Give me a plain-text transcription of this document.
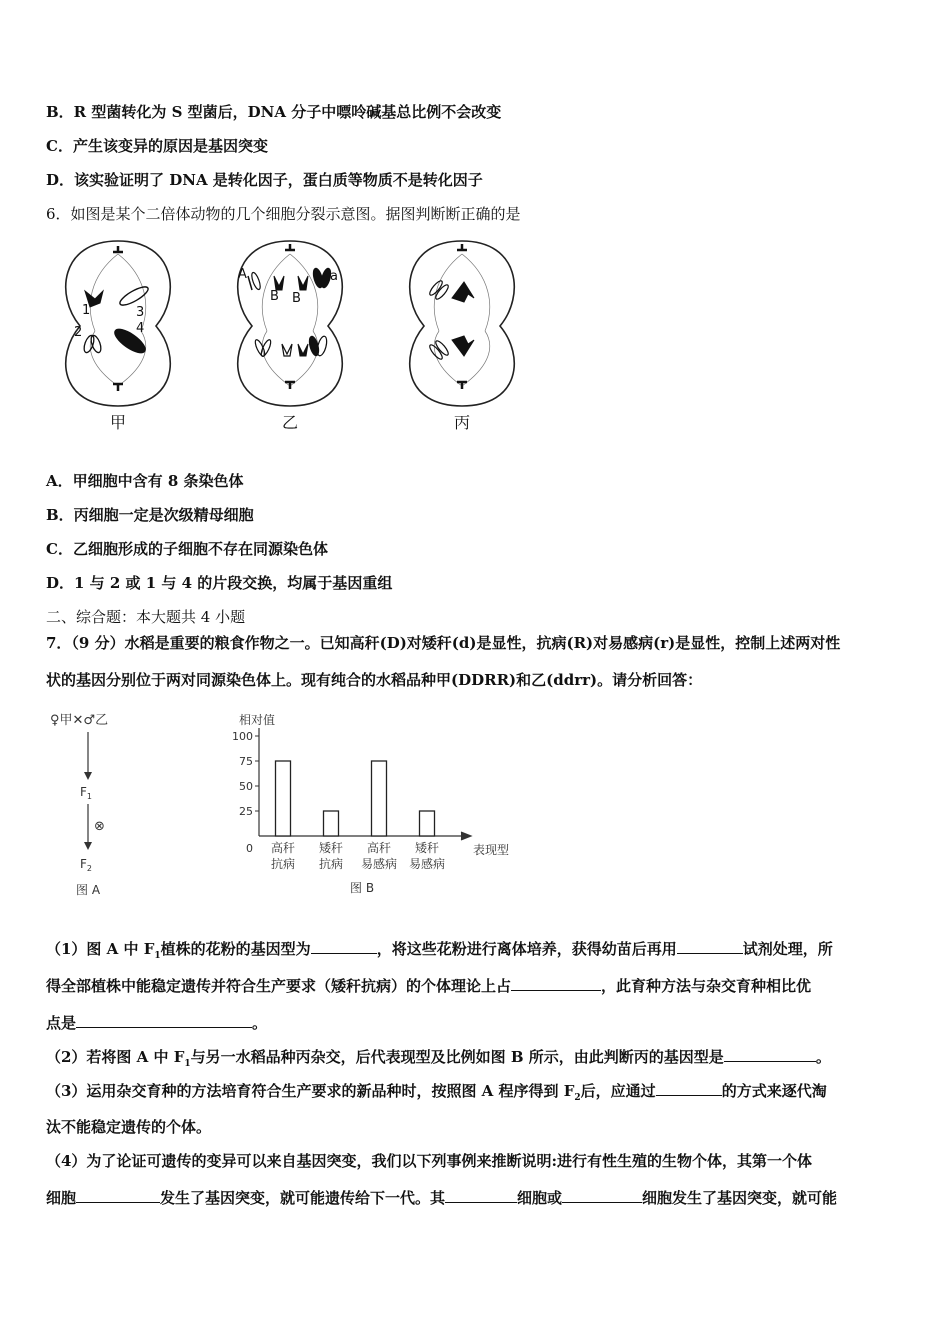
B．R 型菌转化为 S 型菌后，DNA 分子中嘌呤碱基总比例不会改变
C．产生该变异的原因是基因突变
D．该实验证明了 DNA 是转化因子，蛋白质等物质不是转化因子
6．如图是某个二倍体动物的几个细胞分裂示意图。据图判断断正确的是
1	3
2	4
A
B B
a
甲	乙	丙
A．甲细胞中含有 8 条染色体
B．丙细胞一定是次级精母细胞
C．乙细胞形成的子细胞不存在同源染色体
D．1 与 2 或 1 与 4 的片段交换，均属于基因重组
二、综合题：本大题共 4 小题
7．（9 分）水稻是重要的粮食作物之一。已知高秆(D)对矮秆(d)是显性，抗病(R)对易感病(r)是显性，控制上述两对性
状的基因分别位于两对同源染色体上。现有纯合的水稻品种甲(DDRR)和乙(ddrr)。请分析回答：
♀甲✕♂乙
$F_1$
⊗
$F_2$
图 A
相对值
0
25
50
75
100
高秆
抗病
矮秆
抗病
高秆
易感病
矮秆
易感病
表现型
图 B
（1）图 A 中 $F_1$植株的花粉的基因型为	，将这些花粉进行离体培养，获得幼苗后再用	试剂处理，所
得全部植株中能稳定遗传并符合生产要求（矮秆抗病）的个体理论上占	，此育种方法与杂交育种相比优
点是	。
（2）若将图 A 中 $F_1$与另一水稻品种丙杂交，后代表现型及比例如图 B 所示，由此判断丙的基因型是	。
（3）运用杂交育种的方法培育符合生产要求的新品种时，按照图 A 程序得到 $F_2$后，应通过	的方式来逐代淘
汰不能稳定遗传的个体。
（4）为了论证可遗传的变异可以来自基因突变，我们以下列事例来推断说明:进行有性生殖的生物个体，其第一个体
细胞	发生了基因突变，就可能遗传给下一代。其	细胞或	细胞发生了基因突变，就可能
